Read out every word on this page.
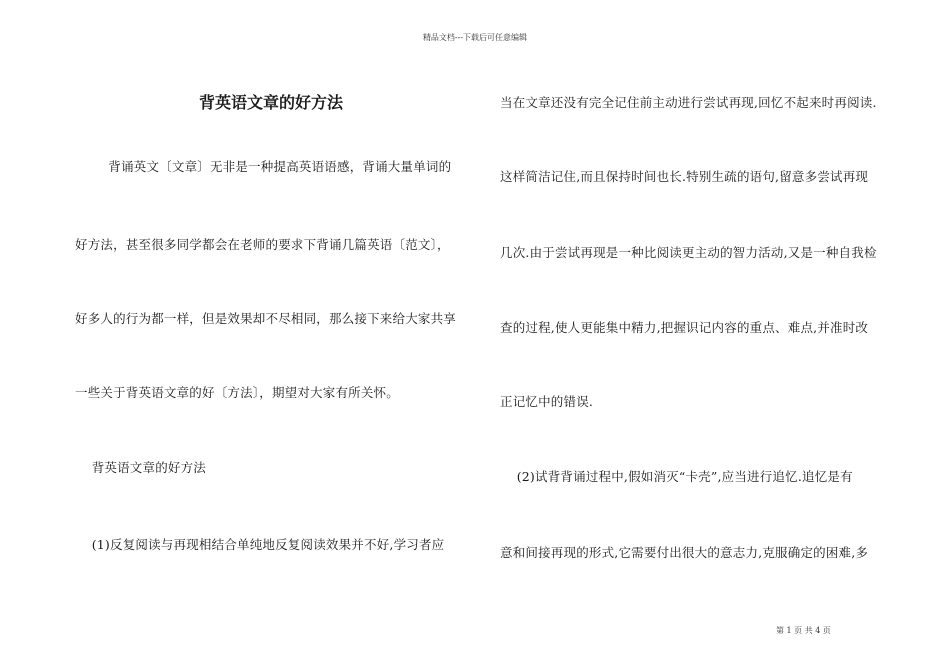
精品文档---下载后可任意编辑
背英语文章的好方法
背诵英文〔文章〕无非是一种提高英语语感，背诵大量单词的
好方法，甚至很多同学都会在老师的要求下背诵几篇英语〔范文〕，
好多人的行为都一样，但是效果却不尽相同，那么接下来给大家共享
一些关于背英语文章的好〔方法〕，期望对大家有所关怀。
背英语文章的好方法
(1)反复阅读与再现相结合单纯地反复阅读效果并不好,学习者应
当在文章还没有完全记住前主动进行尝试再现,回忆不起来时再阅读.
这样简洁记住,而且保持时间也长.特别生疏的语句,留意多尝试再现
几次.由于尝试再现是一种比阅读更主动的智力活动,又是一种自我检
查的过程,使人更能集中精力,把握识记内容的重点、难点,并准时改
正记忆中的错误.
(2)试背背诵过程中,假如消灭“卡壳”,应当进行追忆.追忆是有
意和间接再现的形式,它需要付出很大的意志力,克服确定的困难,多
第 1 页 共 4 页
